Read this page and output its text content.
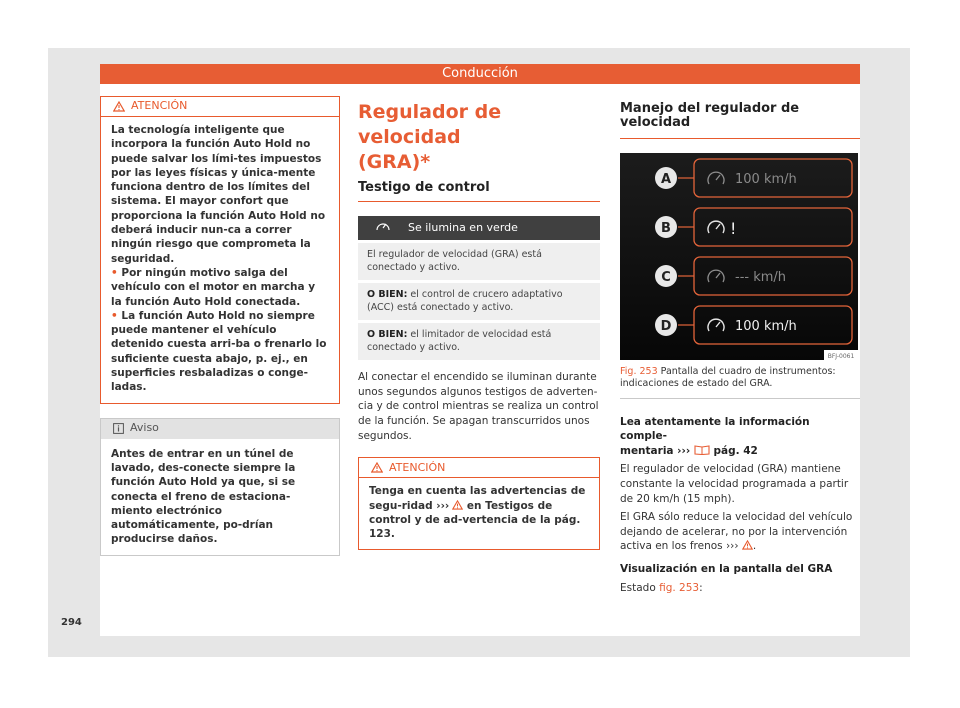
Conducción
ATENCIÓN

La tecnología inteligente que incorpora la función Auto Hold no puede salvar los lími-tes impuestos por las leyes físicas y única-mente funciona dentro de los límites del sistema. El mayor confort que proporciona la función Auto Hold no deberá inducir nun-ca a correr ningún riesgo que comprometa la seguridad.

• Por ningún motivo salga del vehículo con el motor en marcha y la función Auto Hold conectada.

• La función Auto Hold no siempre puede mantener el vehículo detenido cuesta arri-ba o frenarlo lo suficiente cuesta abajo, p. ej., en superficies resbaladizas o conge-ladas.

Aviso
Antes de entrar en un túnel de lavado, des-conecte siempre la función Auto Hold ya que, si se conecta el freno de estaciona-miento electrónico automáticamente, po-drían producirse daños.
Regulador de velocidad
(GRA)*
Testigo de control
Se ilumina en verde
El regulador de velocidad (GRA) está conectado y activo.
O BIEN: el control de crucero adaptativo (ACC) está conectado y activo.
O BIEN: el limitador de velocidad está conectado y activo.

Al conectar el encendido se iluminan durante unos segundos algunos testigos de adverten-cia y de control mientras se realiza un control de la función. Se apagan transcurridos unos segundos.

ATENCIÓN
Tenga en cuenta las advertencias de segu-ridad ››› en Testigos de control y de ad-vertencia de la pág. 123.
Manejo del regulador de velocidad
A
B
C
D
100 km/h
!
--- km/h
100 km/h
BFJ-0061
Fig. 253 Pantalla del cuadro de instrumentos: indicaciones de estado del GRA.

Lea atentamente la información comple-
mentaria ›››  pág. 42

El regulador de velocidad (GRA) mantiene constante la velocidad programada a partir de 20 km/h (15 mph).

El GRA sólo reduce la velocidad del vehículo dejando de acelerar, no por la intervención activa en los frenos ››› .

Visualización en la pantalla del GRA

Estado fig. 253:

294
